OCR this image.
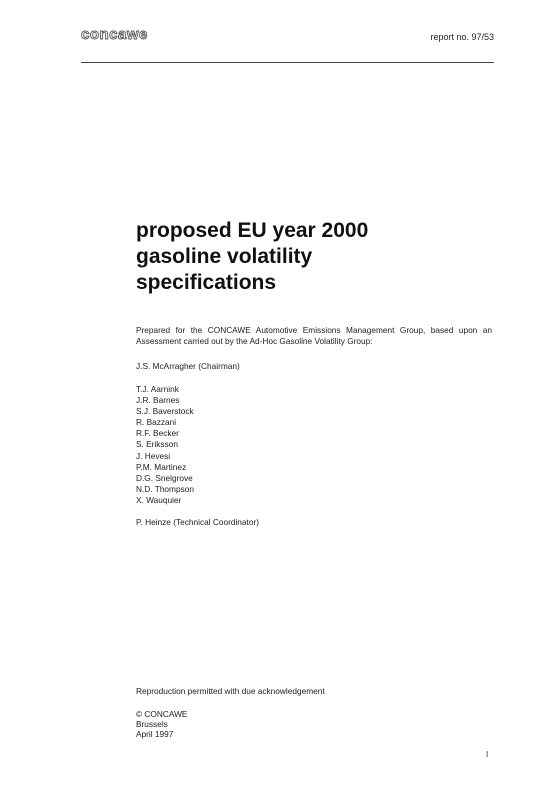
concawe	report no. 97/53
proposed EU year 2000
gasoline volatility
specifications
Prepared for the CONCAWE Automotive Emissions Management Group, based upon an Assessment carried out by the Ad-Hoc Gasoline Volatility Group:
J.S. McArragher (Chairman)
T.J. Aarnink
J.R. Barnes
S.J. Baverstock
R. Bazzani
R.F. Becker
S. Eriksson
J. Hevesi
P.M. Martinez
D.G. Snelgrove
N.D. Thompson
X. Wauquier
P. Heinze (Technical Coordinator)
Reproduction permitted with due acknowledgement
© CONCAWE
Brussels
April 1997
I
